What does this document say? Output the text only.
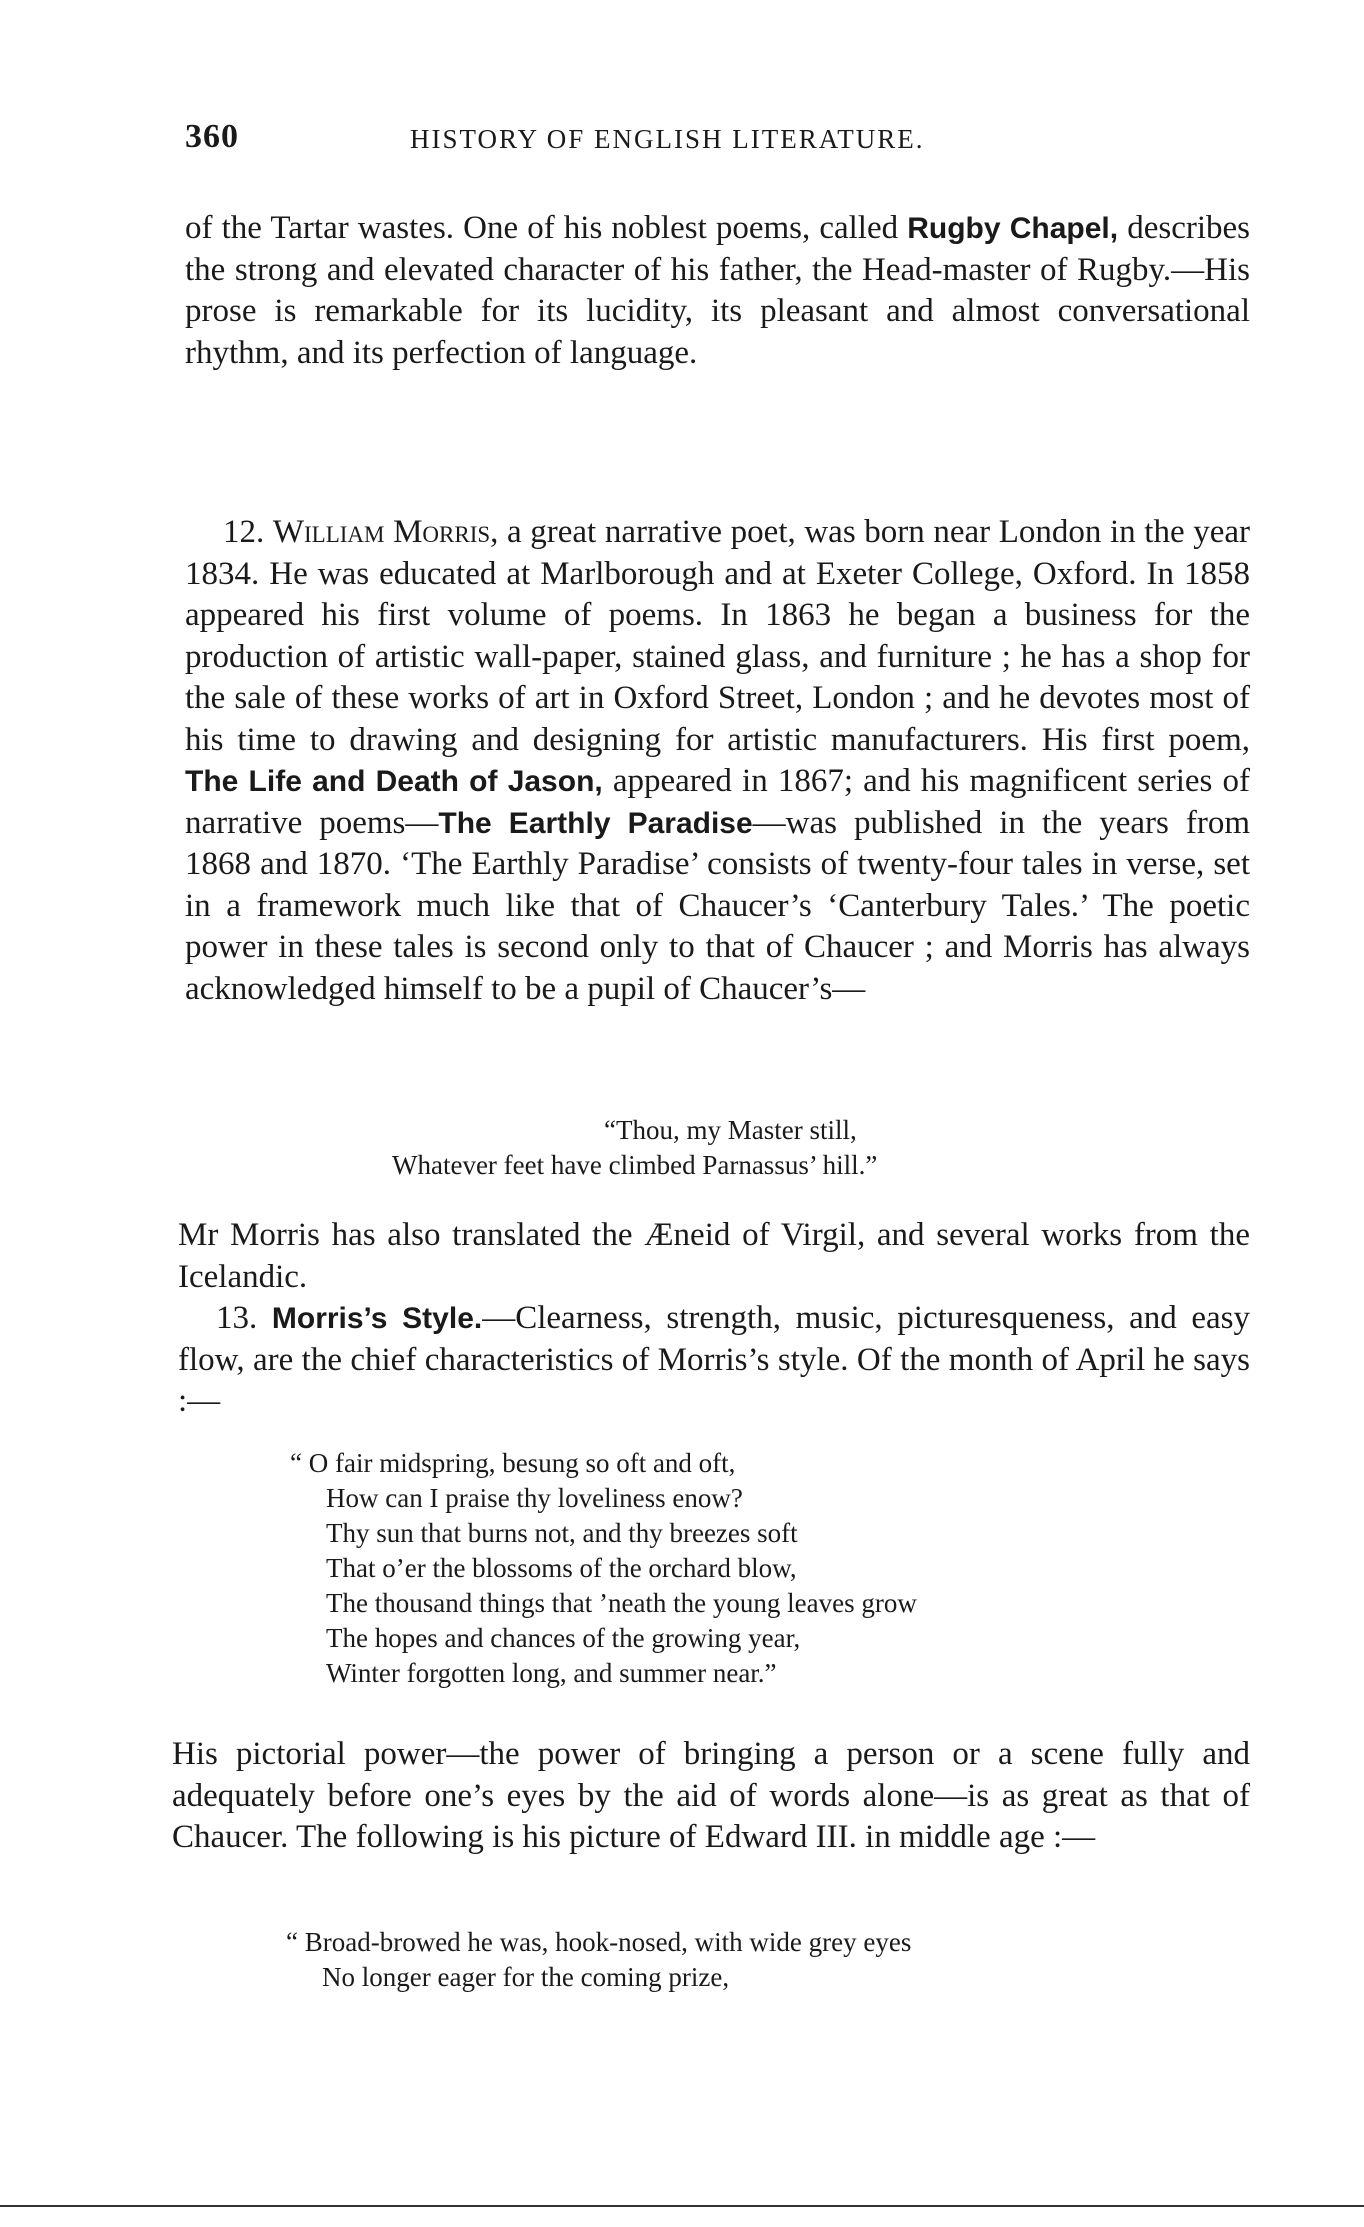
360	HISTORY OF ENGLISH LITERATURE.

of the Tartar wastes. One of his noblest poems, called Rugby Chapel, describes the strong and elevated character of his father, the Head-master of Rugby.—His prose is remarkable for its lucidity, its pleasant and almost conversational rhythm, and its perfection of language.

12. William Morris, a great narrative poet, was born near London in the year 1834. He was educated at Marlborough and at Exeter College, Oxford. In 1858 appeared his first volume of poems. In 1863 he began a business for the production of artistic wall-paper, stained glass, and furniture ; he has a shop for the sale of these works of art in Oxford Street, London ; and he devotes most of his time to drawing and designing for artistic manufacturers. His first poem, The Life and Death of Jason, appeared in 1867; and his magnificent series of narrative poems—The Earthly Paradise—was published in the years from 1868 and 1870. ‘The Earthly Paradise’ consists of twenty-four tales in verse, set in a framework much like that of Chaucer’s ‘Canterbury Tales.’ The poetic power in these tales is second only to that of Chaucer ; and Morris has always acknowledged himself to be a pupil of Chaucer’s—

“Thou, my Master still,
Whatever feet have climbed Parnassus’ hill.”

Mr Morris has also translated the Æneid of Virgil, and several works from the Icelandic.

13. Morris’s Style.—Clearness, strength, music, picturesqueness, and easy flow, are the chief characteristics of Morris’s style. Of the month of April he says :—

“ O fair midspring, besung so oft and oft,
How can I praise thy loveliness enow?
Thy sun that burns not, and thy breezes soft
That o’er the blossoms of the orchard blow,
The thousand things that ’neath the young leaves grow
The hopes and chances of the growing year,
Winter forgotten long, and summer near.”

His pictorial power—the power of bringing a person or a scene fully and adequately before one’s eyes by the aid of words alone—is as great as that of Chaucer. The following is his picture of Edward III. in middle age :—

“ Broad-browed he was, hook-nosed, with wide grey eyes
No longer eager for the coming prize,
